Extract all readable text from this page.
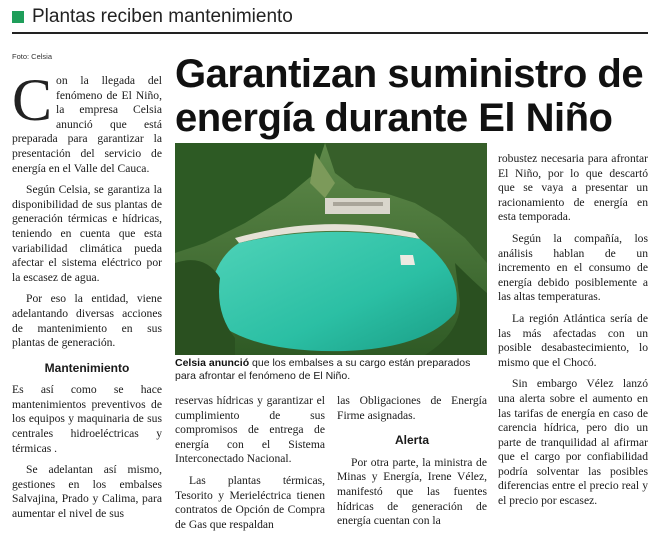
Plantas reciben mantenimiento

Foto: Celsia	Garantizan suministro de energía durante El Niño

Con la llegada del fenómeno de El Niño, la empresa Celsia anunció que está preparada para garantizar la presentación del servicio de energía en el Valle del Cauca.

Según Celsia, se garantiza la disponibilidad de sus plantas de generación térmicas e hídricas, teniendo en cuenta que esta variabilidad climática pueda afectar el sistema eléctrico por la escasez de agua.

Por eso la entidad, viene adelantando diversas acciones de mantenimiento en sus plantas de generación.

Mantenimiento

Es así como se hace mantenimientos preventivos de los equipos y maquinaria de sus centrales hidroeléctricas y térmicas .

Se adelantan así mismo, gestiones en los embalses Salvajina, Prado y Calima, para aumentar el nivel de sus

Celsia anunció que los embalses a su cargo están preparados para afrontar el fenómeno de El Niño.

reservas hídricas y garantizar el cumplimiento de sus compromisos de entrega de energía con el Sistema Interconectado Nacional.

Las plantas térmicas, Tesorito y Merieléctrica tienen contratos de Opción de Compra de Gas que respaldan

las Obligaciones de Energía Firme asignadas.

Alerta

Por otra parte, la ministra de Minas y Energía, Irene Vélez, manifestó que las fuentes hídricas de generación de energía cuentan con la

robustez necesaria para afrontar El Niño, por lo que descartó que se vaya a presentar un racionamiento de energía en esta temporada.

Según la compañía, los análisis hablan de un incremento en el consumo de energía debido posiblemente a las altas temperaturas.

La región Atlántica sería de las más afectadas con un posible desabastecimiento, lo mismo que el Chocó.

Sin embargo Vélez lanzó una alerta sobre el aumento en las tarifas de energía en caso de carencia hídrica, pero dio un parte de tranquilidad al afirmar que el cargo por confiabilidad podría solventar las posibles diferencias entre el precio real y el precio por escasez.
